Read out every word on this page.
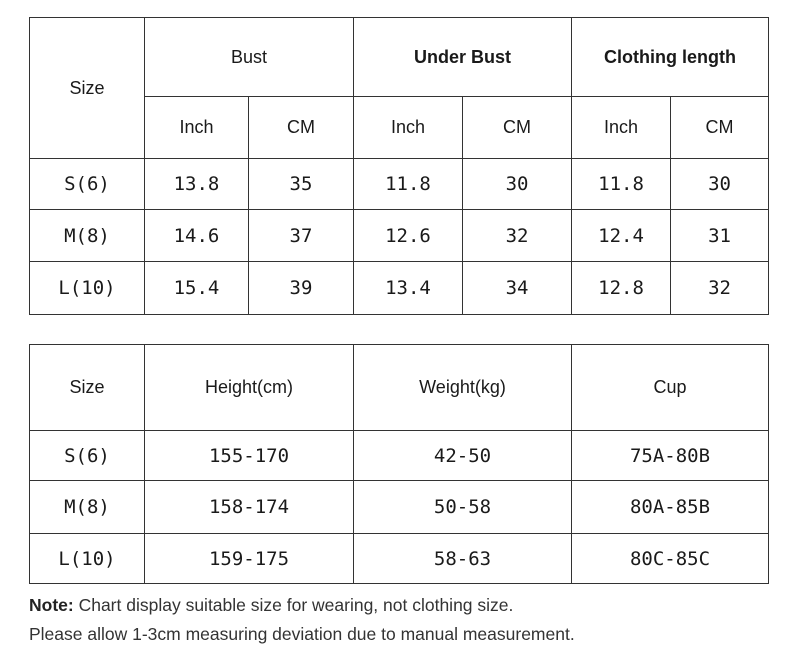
Size	Bust		Under Bust		Clothing length	
	Inch	CM	Inch	CM	Inch	CM
S(6)	13.8	35	11.8	30	11.8	30
M(8)	14.6	37	12.6	32	12.4	31
L(10)	15.4	39	13.4	34	12.8	32
Size	Height(cm)	Weight(kg)	Cup
S(6)	155-170	42-50	75A-80B
M(8)	158-174	50-58	80A-85B
L(10)	159-175	58-63	80C-85C
Note: Chart display suitable size for wearing, not clothing size.
Please allow 1-3cm measuring deviation due to manual measurement.
